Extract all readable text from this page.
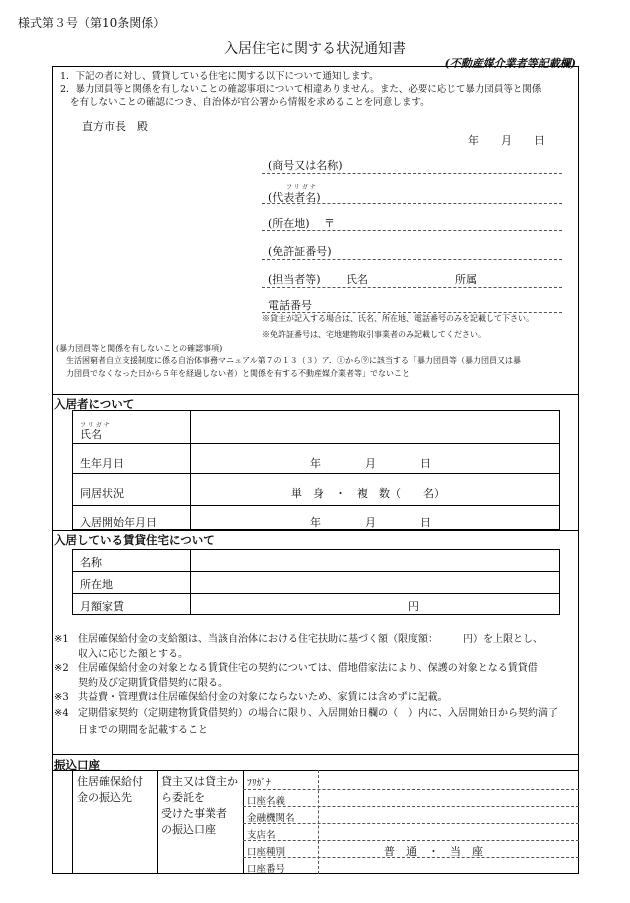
様式第３号（第10条関係）
入居住宅に関する状況通知書
(不動産媒介業者等記載欄)
1．下記の者に対し、賃貸している住宅に関する以下について通知します。
2．暴力団員等と関係を有しないことの確認事項について相違ありません。また、必要に応じて暴力団員等と関係
を有しないことの確認につき、自治体が官公署から情報を求めることを同意します。
直方市長　殿
年　　月　　日
(商号又は名称)
フリガナ
(代表者名)
(所在地) 〒
(免許証番号)
(担当者等) 氏名	所属
電話番号
※貸主が記入する場合は、氏名、所在地、電話番号のみを記載して下さい。
※免許証番号は、宅地建物取引事業者のみ記載してください。
(暴力団員等と関係を有しないことの確認事項)
生活困窮者自立支援制度に係る自治体事務マニュアル第７の１３（３）ア．①から⑨に該当する「暴力団員等（暴力団員又は暴
力団員でなくなった日から５年を経過しない者）と関係を有する不動産媒介業者等」でないこと
入居者について
フリガナ
氏名
生年月日	年　　　　月　　　　日
同居状況	単　身　・　複　数（　　名）
入居開始年月日	年　　　　月　　　　日
入居している賃貸住宅について
名称
所在地
月額家賃	円
※1 住居確保給付金の支給額は、当該自治体における住宅扶助に基づく額（限度額：　　　円）を上限とし、
収入に応じた額とする。
※2 住居確保給付金の対象となる賃貸住宅の契約については、借地借家法により、保護の対象となる賃貸借
契約及び定期賃貸借契約に限る。
※3 共益費・管理費は住居確保給付金の対象にならないため、家賃には含めずに記載。
※4 定期借家契約（定期建物賃貸借契約）の場合に限り、入居開始日欄の（　）内に、入居開始日から契約満了
日までの期間を記載すること
振込口座
住居確保給付
金の振込先
貸主又は貸主か
ら委託を
受けた事業者
の振込口座
ﾌﾘｶﾞﾅ
口座名義
金融機関名
支店名
口座種別	普　通　・　当　座
口座番号
